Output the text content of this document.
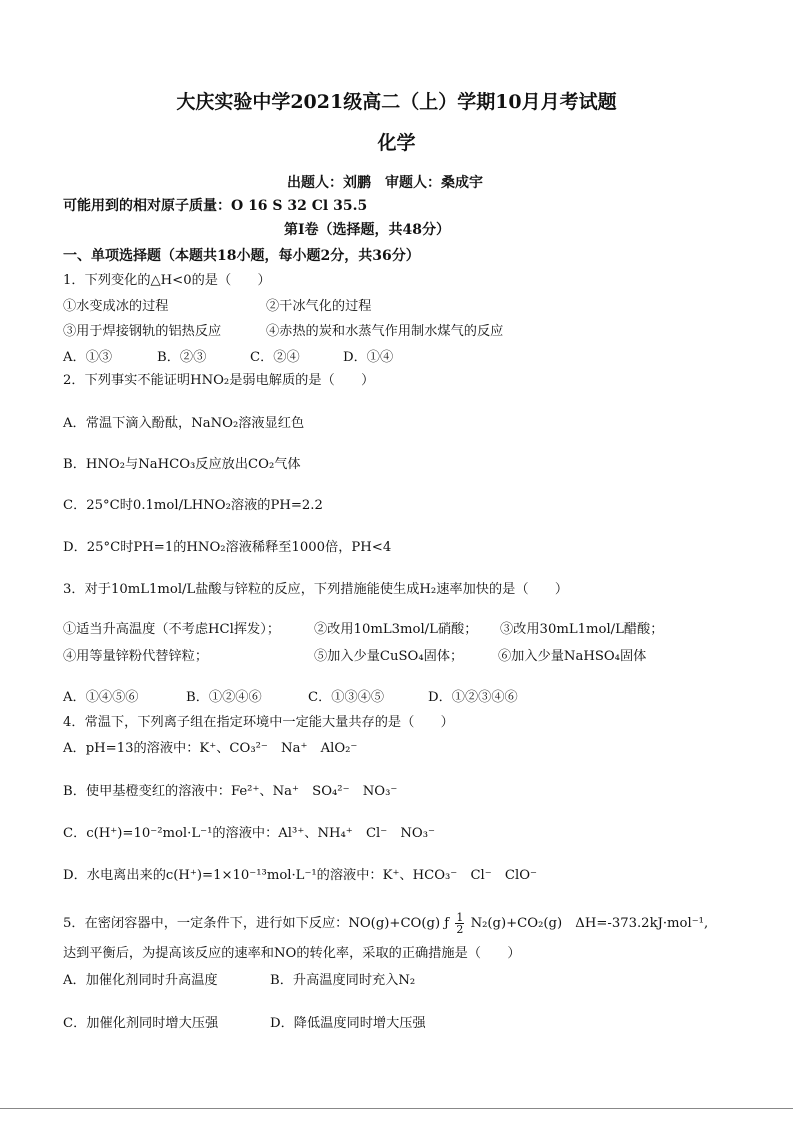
大庆实验中学2021级高二（上）学期10月月考试题
化学
出题人：刘鹏　审题人：桑成宇
可能用到的相对原子质量：O 16 S 32 Cl 35.5
第I卷（选择题，共48分）
一、单项选择题（本题共18小题，每小题2分，共36分）
1．下列变化的△H<0的是（　　）
①水变成冰的过程	②干冰气化的过程
③用于焊接钢轨的铝热反应	④赤热的炭和水蒸气作用制水煤气的反应
A．①③	B．②③	C．②④	D．①④
2．下列事实不能证明HNO₂是弱电解质的是（　　）
A．常温下滴入酚酞，NaNO₂溶液显红色
B．HNO₂与NaHCO₃反应放出CO₂气体
C．25°C时0.1mol/LHNO₂溶液的PH=2.2
D．25°C时PH=1的HNO₂溶液稀释至1000倍，PH<4
3．对于10mL1mol/L盐酸与锌粒的反应，下列措施能使生成H₂速率加快的是（　　）
①适当升高温度（不考虑HCl挥发）；	②改用10mL3mol/L硝酸； ③改用30mL1mol/L醋酸；
④用等量锌粉代替锌粒；	⑤加入少量CuSO₄固体；	⑥加入少量NaHSO₄固体
A．①④⑤⑥	B．①②④⑥	C．①③④⑤	D．①②③④⑥
4．常温下，下列离子组在指定环境中一定能大量共存的是（　　）
A．pH=13的溶液中：K⁺、CO₃²⁻　Na⁺　AlO₂⁻
B．使甲基橙变红的溶液中：Fe²⁺、Na⁺　SO₄²⁻　NO₃⁻
C．c(H⁺)=10⁻²mol·L⁻¹的溶液中：Al³⁺、NH₄⁺　Cl⁻　NO₃⁻
D．水电离出来的c(H⁺)=1×10⁻¹³mol·L⁻¹的溶液中：K⁺、HCO₃⁻　Cl⁻　ClO⁻
5．在密闭容器中，一定条件下，进行如下反应：NO(g)+CO(g) ƒ $\frac{1}{2} N_2(g)+CO_2(g)$　ΔH=-373.2kJ·mol⁻¹,
达到平衡后，为提高该反应的速率和NO的转化率，采取的正确措施是（　　）
A．加催化剂同时升高温度	B．升高温度同时充入N₂
C．加催化剂同时增大压强	D．降低温度同时增大压强
